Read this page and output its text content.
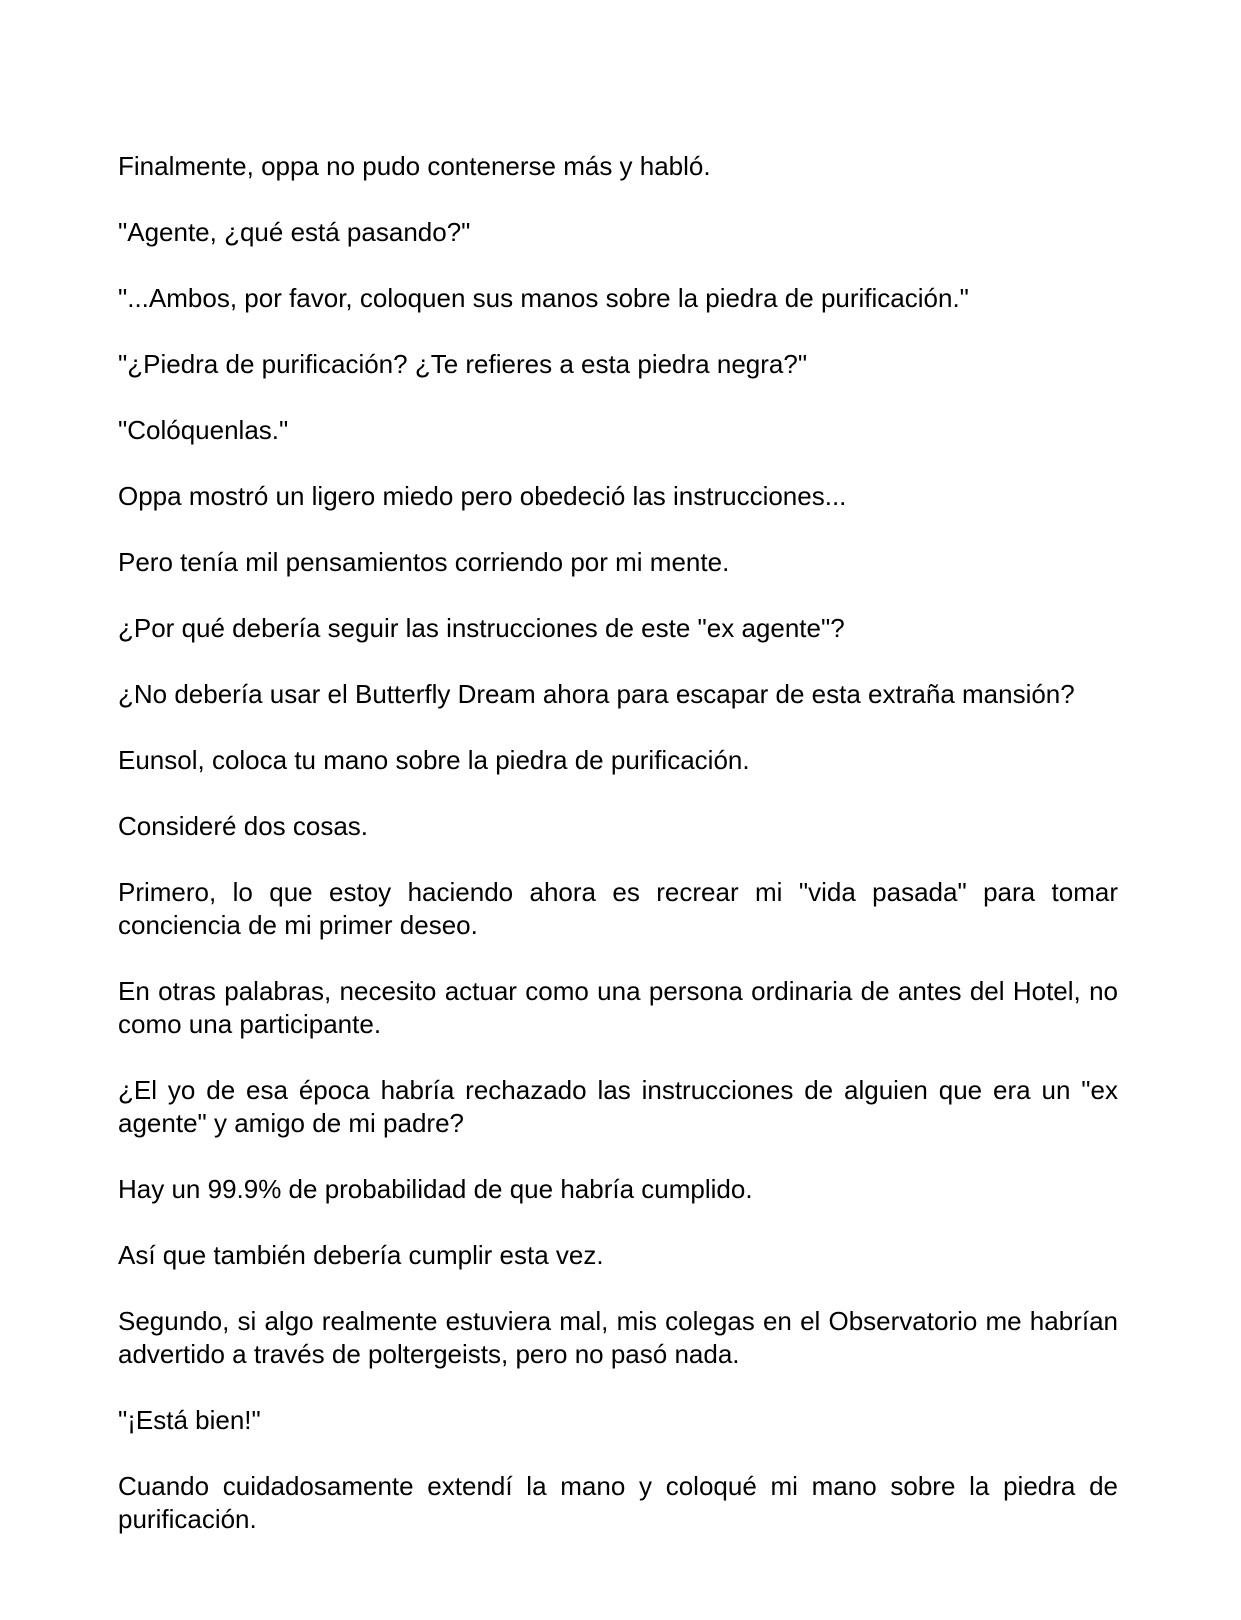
Finalmente, oppa no pudo contenerse más y habló.

"Agente, ¿qué está pasando?"

"...Ambos, por favor, coloquen sus manos sobre la piedra de purificación."

"¿Piedra de purificación? ¿Te refieres a esta piedra negra?"

"Colóquenlas."

Oppa mostró un ligero miedo pero obedeció las instrucciones...

Pero tenía mil pensamientos corriendo por mi mente.

¿Por qué debería seguir las instrucciones de este "ex agente"?

¿No debería usar el Butterfly Dream ahora para escapar de esta extraña mansión?

Eunsol, coloca tu mano sobre la piedra de purificación.

Consideré dos cosas.

Primero, lo que estoy haciendo ahora es recrear mi "vida pasada" para tomar conciencia de mi primer deseo.

En otras palabras, necesito actuar como una persona ordinaria de antes del Hotel, no como una participante.

¿El yo de esa época habría rechazado las instrucciones de alguien que era un "ex agente" y amigo de mi padre?

Hay un 99.9% de probabilidad de que habría cumplido.

Así que también debería cumplir esta vez.

Segundo, si algo realmente estuviera mal, mis colegas en el Observatorio me habrían advertido a través de poltergeists, pero no pasó nada.

"¡Está bien!"

Cuando cuidadosamente extendí la mano y coloqué mi mano sobre la piedra de purificación.
